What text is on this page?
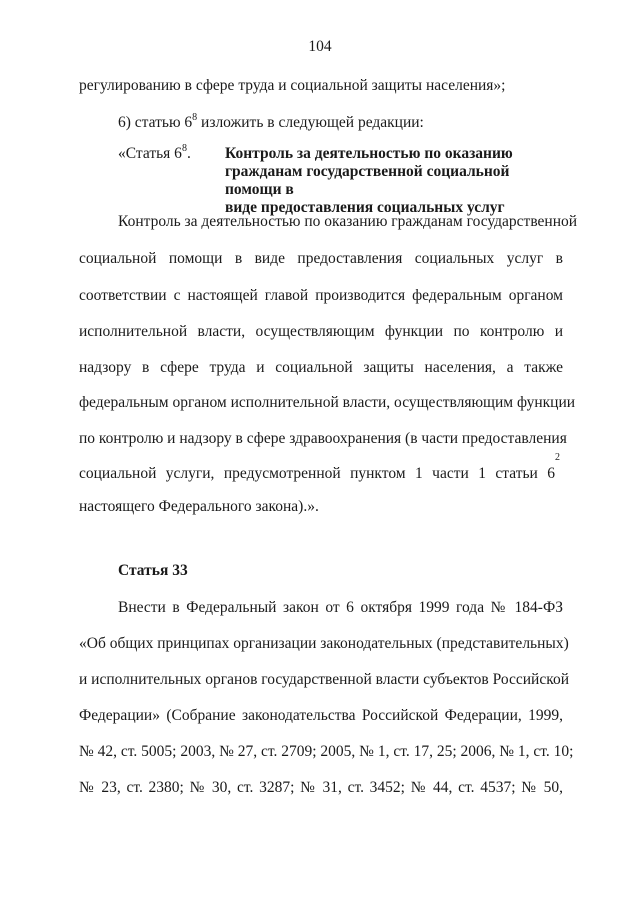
104
регулированию в сфере труда и социальной защиты населения»;
6) статью $6^8$ изложить в следующей редакции:
«Статья $6^8$. Контроль за деятельностью по оказанию
гражданам государственной социальной помощи в
виде предоставления социальных услуг
Контроль за деятельностью по оказанию гражданам государственной
социальной помощи в виде предоставления социальных услуг в
соответствии с настоящей главой производится федеральным органом
исполнительной власти, осуществляющим функции по контролю и
надзору в сфере труда и социальной защиты населения, а также
федеральным органом исполнительной власти, осуществляющим функции
по контролю и надзору в сфере здравоохранения (в части предоставления
социальной услуги, предусмотренной пунктом 1 части 1 статьи 6
2
настоящего Федерального закона).».
Статья 33
Внести в Федеральный закон от 6 октября 1999 года № 184-ФЗ
«Об общих принципах организации законодательных (представительных)
и исполнительных органов государственной власти субъектов Российской
Федерации» (Собрание законодательства Российской Федерации, 1999,
№ 42, ст. 5005; 2003, № 27, ст. 2709; 2005, № 1, ст. 17, 25; 2006, № 1, ст. 10;
№ 23, ст. 2380; № 30, ст. 3287; № 31, ст. 3452; № 44, ст. 4537; № 50,
